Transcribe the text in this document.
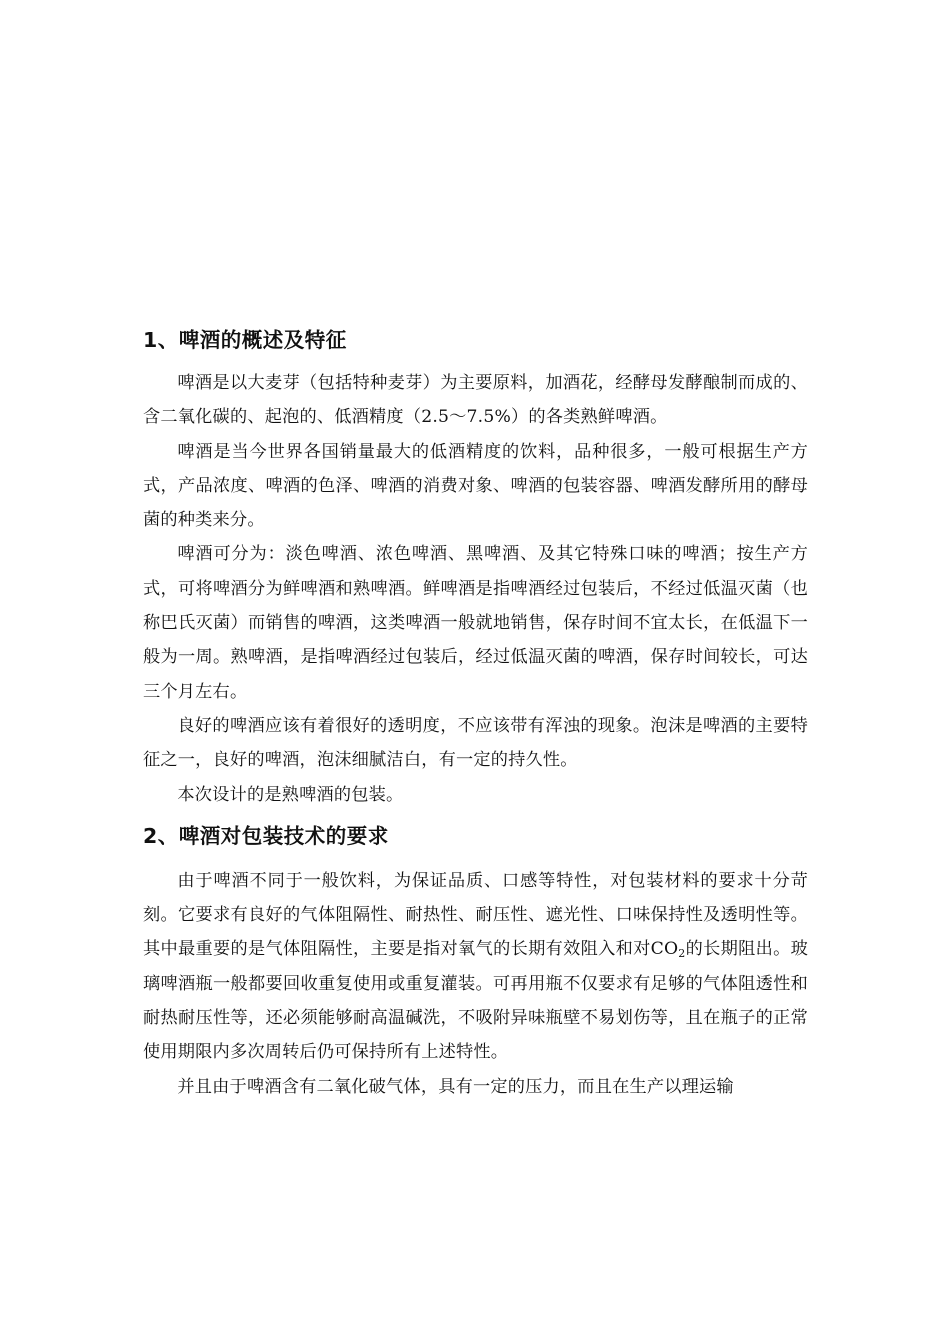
1、啤酒的概述及特征

啤酒是以大麦芽（包括特种麦芽）为主要原料，加酒花，经酵母发酵酿制而成的、含二氧化碳的、起泡的、低酒精度（2.5～7.5%）的各类熟鲜啤酒。

啤酒是当今世界各国销量最大的低酒精度的饮料，品种很多，一般可根据生产方式，产品浓度、啤酒的色泽、啤酒的消费对象、啤酒的包装容器、啤酒发酵所用的酵母菌的种类来分。

啤酒可分为：淡色啤酒、浓色啤酒、黑啤酒、及其它特殊口味的啤酒；按生产方式，可将啤酒分为鲜啤酒和熟啤酒。鲜啤酒是指啤酒经过包装后，不经过低温灭菌（也称巴氏灭菌）而销售的啤酒，这类啤酒一般就地销售，保存时间不宜太长，在低温下一般为一周。熟啤酒，是指啤酒经过包装后，经过低温灭菌的啤酒，保存时间较长，可达三个月左右。

良好的啤酒应该有着很好的透明度，不应该带有浑浊的现象。泡沫是啤酒的主要特征之一，良好的啤酒，泡沫细腻洁白，有一定的持久性。

本次设计的是熟啤酒的包装。

2、啤酒对包装技术的要求

由于啤酒不同于一般饮料，为保证品质、口感等特性，对包装材料的要求十分苛刻。它要求有良好的气体阻隔性、耐热性、耐压性、遮光性、口味保持性及透明性等。其中最重要的是气体阻隔性，主要是指对氧气的长期有效阻入和对$CO_2$的长期阻出。玻璃啤酒瓶一般都要回收重复使用或重复灌装。可再用瓶不仅要求有足够的气体阻透性和耐热耐压性等，还必须能够耐高温碱洗，不吸附异味瓶壁不易划伤等，且在瓶子的正常使用期限内多次周转后仍可保持所有上述特性。

并且由于啤酒含有二氧化破气体，具有一定的压力，而且在生产以理运输
